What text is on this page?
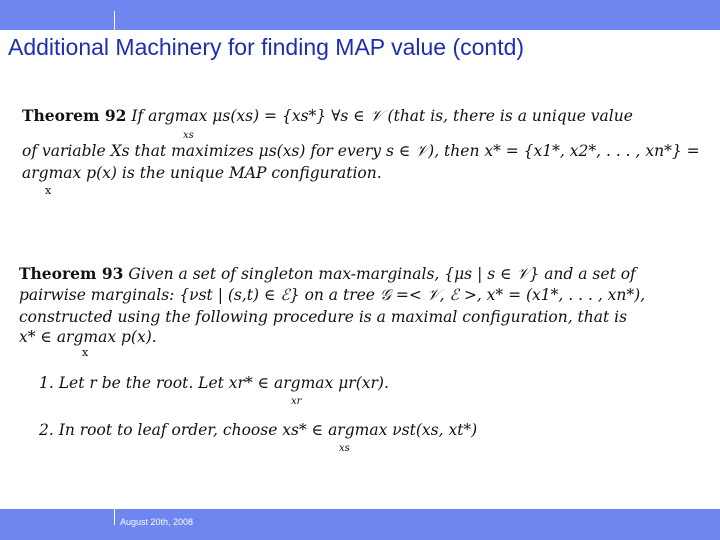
Additional Machinery for finding MAP value (contd)
Theorem 92 If argmax μs(xs) = {xs*} ∀s ∈ 𝒱 (that is, there is a unique value
xs
of variable Xs that maximizes μs(xs) for every s ∈ 𝒱), then x* = {x1*, x2*, . . . , xn*} =
argmax p(x) is the unique MAP configuration.
x
Theorem 93 Given a set of singleton max-marginals, {μs | s ∈ 𝒱} and a set of
pairwise marginals: {νst | (s,t) ∈ ℰ} on a tree 𝒢 =< 𝒱, ℰ >, x* = (x1*, . . . , xn*),
constructed using the following procedure is a maximal configuration, that is
x* ∈ argmax p(x).
x
1. Let r be the root. Let xr* ∈ argmax μr(xr).
xr
2. In root to leaf order, choose xs* ∈ argmax νst(xs, xt*)
xs
August 20th, 2008
